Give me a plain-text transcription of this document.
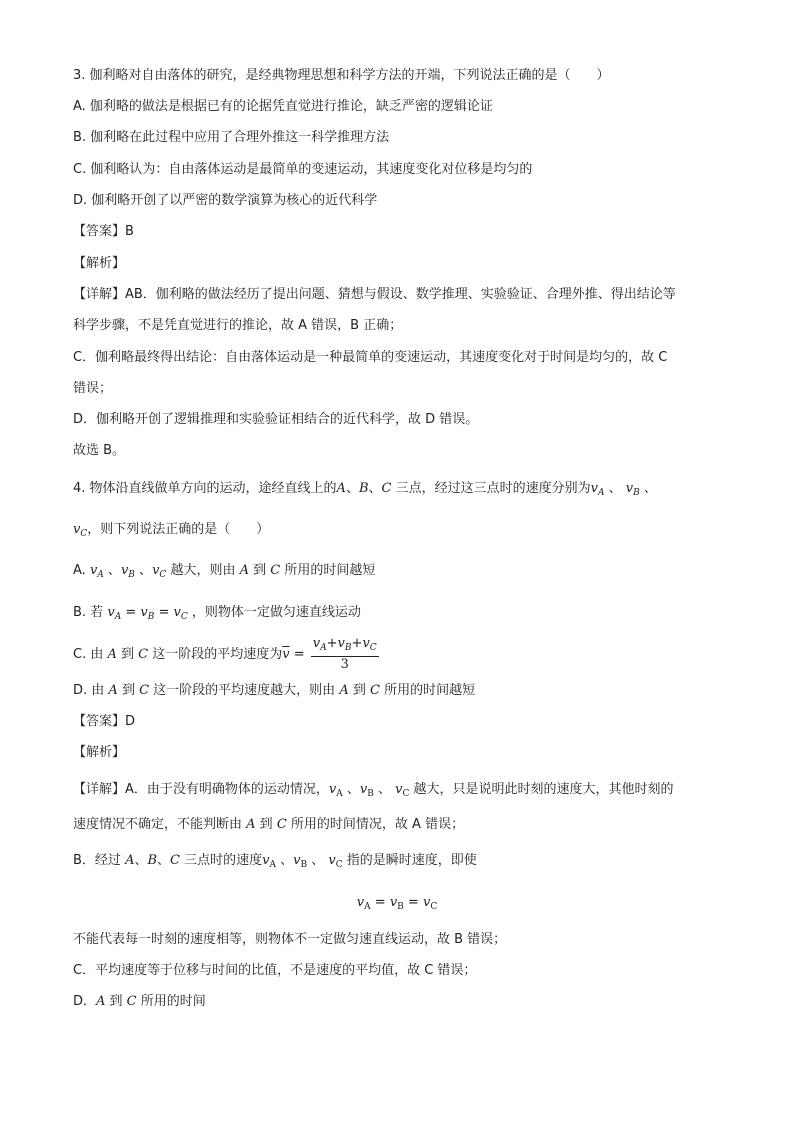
3. 伽利略对自由落体的研究，是经典物理思想和科学方法的开端，下列说法正确的是（　　）
A. 伽利略的做法是根据已有的论据凭直觉进行推论，缺乏严密的逻辑论证
B. 伽利略在此过程中应用了合理外推这一科学推理方法
C. 伽利略认为：自由落体运动是最简单的变速运动，其速度变化对位移是均匀的
D. 伽利略开创了以严密的数学演算为核心的近代科学
【答案】B
【解析】
【详解】AB．伽利略的做法经历了提出问题、猜想与假设、数学推理、实验验证、合理外推、得出结论等
科学步骤，不是凭直觉进行的推论，故 A 错误，B 正确；
C．伽利略最终得出结论：自由落体运动是一种最简单的变速运动，其速度变化对于时间是均匀的，故 C
错误；
D．伽利略开创了逻辑推理和实验验证相结合的近代科学，故 D 错误。
故选 B。
4. 物体沿直线做单方向的运动，途经直线上的A、B、C 三点，经过这三点时的速度分别为$v_A$ 、 $v_B$ 、
$v_C$，则下列说法正确的是（　　）
A. $v_A$ 、$v_B$ 、$v_C$ 越大，则由 A 到 C 所用的时间越短
B. 若 $v_A = v_B = v_C$ ，则物体一定做匀速直线运动
C. 由 A 到 C 这一阶段的平均速度为$\overline{v} = \frac{v_A+v_B+v_C}{3}$
D. 由 A 到 C 这一阶段的平均速度越大，则由 A 到 C 所用的时间越短
【答案】D
【解析】
【详解】A．由于没有明确物体的运动情况，$v_A$ 、$v_B$ 、 $v_C$ 越大，只是说明此时刻的速度大，其他时刻的
速度情况不确定，不能判断由 A 到 C 所用的时间情况，故 A 错误；
B．经过 A、B、C 三点时的速度$v_A$ 、$v_B$ 、 $v_C$ 指的是瞬时速度，即使
$v_A = v_B = v_C$
不能代表每一时刻的速度相等，则物体不一定做匀速直线运动，故 B 错误；
C．平均速度等于位移与时间的比值，不是速度的平均值，故 C 错误；
D．A 到 C 所用的时间
